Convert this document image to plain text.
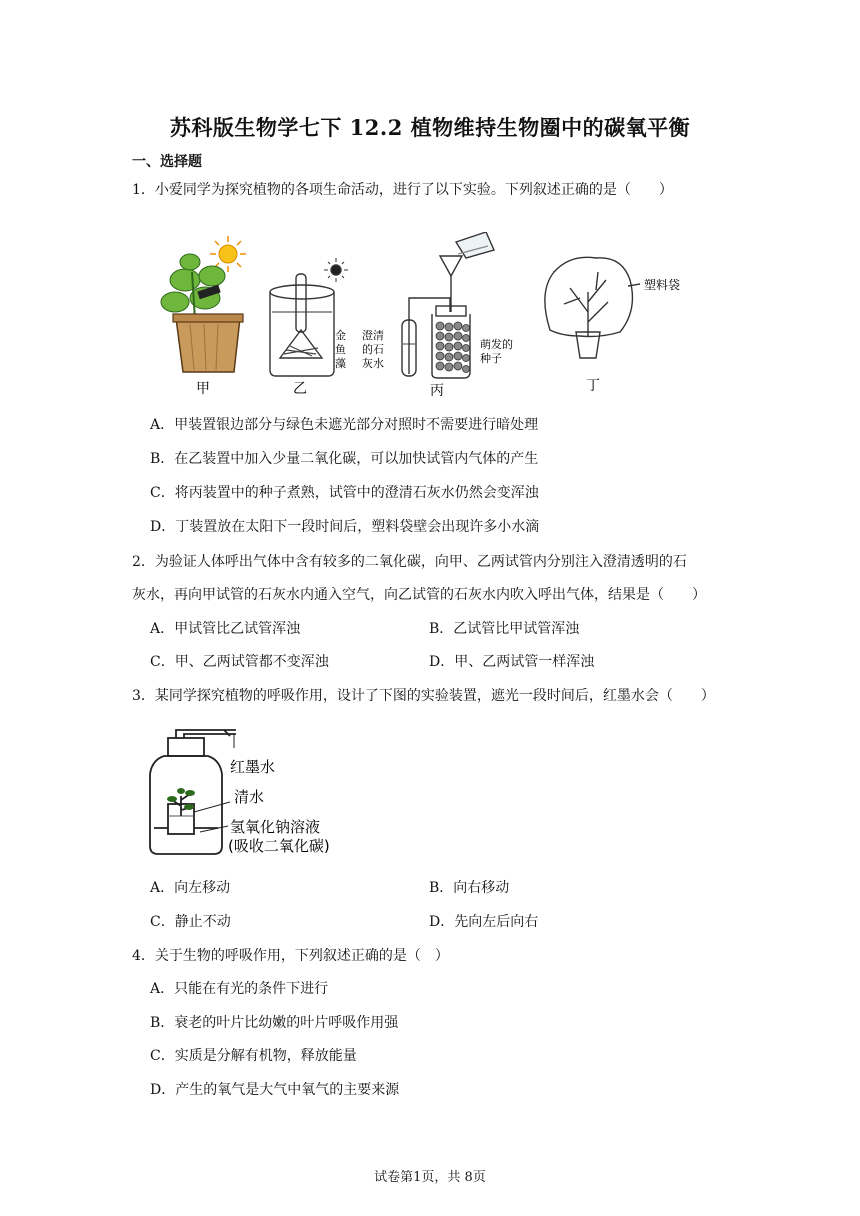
苏科版生物学七下 12.2 植物维持生物圈中的碳氧平衡
一、选择题
1．小爱同学为探究植物的各项生命活动，进行了以下实验。下列叙述正确的是（　　）
甲
金
鱼
藻
乙
澄清
的石
灰水
萌发的
种子
丙
塑料袋
丁
A．甲装置银边部分与绿色未遮光部分对照时不需要进行暗处理
B．在乙装置中加入少量二氧化碳，可以加快试管内气体的产生
C．将丙装置中的种子煮熟，试管中的澄清石灰水仍然会变浑浊
D．丁装置放在太阳下一段时间后，塑料袋壁会出现许多小水滴
2．为验证人体呼出气体中含有较多的二氧化碳，向甲、乙两试管内分别注入澄清透明的石
灰水，再向甲试管的石灰水内通入空气，向乙试管的石灰水内吹入呼出气体，结果是（　　）
A．甲试管比乙试管浑浊	B．乙试管比甲试管浑浊
C．甲、乙两试管都不变浑浊	D．甲、乙两试管一样浑浊
3．某同学探究植物的呼吸作用，设计了下图的实验装置，遮光一段时间后，红墨水会（　　）
红墨水
清水
氢氧化钠溶液
(吸收二氧化碳)
A．向左移动	B．向右移动
C．静止不动	D．先向左后向右
4．关于生物的呼吸作用，下列叙述正确的是（　）
A．只能在有光的条件下进行
B．衰老的叶片比幼嫩的叶片呼吸作用强
C．实质是分解有机物，释放能量
D．产生的氧气是大气中氧气的主要来源
试卷第1页，共 8页
